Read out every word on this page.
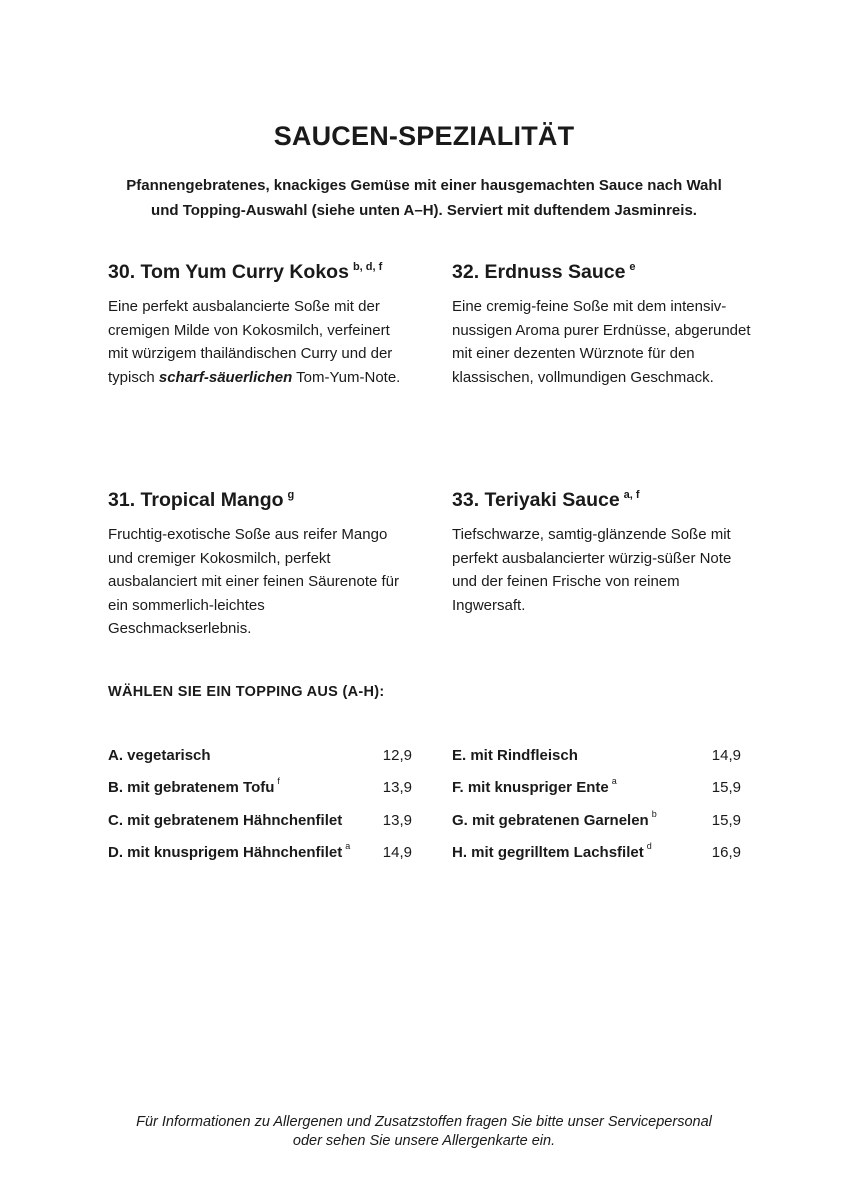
SAUCEN-SPEZIALITÄT

Pfannengebratenes, knackiges Gemüse mit einer hausgemachten Sauce nach Wahl
und Topping-Auswahl (siehe unten A–H). Serviert mit duftendem Jasminreis.

30. Tom Yum Curry Kokos $^{b, d, f}$

Eine perfekt ausbalancierte Soße mit der cremigen Milde von Kokosmilch, verfeinert mit würzigem thailändischen Curry und der typisch scharf-säuerlichen Tom-Yum-Note.

32. Erdnuss Sauce $^e$

Eine cremig-feine Soße mit dem intensiv-nussigen Aroma purer Erdnüsse, abgerundet mit einer dezenten Würznote für den klassischen, vollmundigen Geschmack.

31. Tropical Mango $^g$

Fruchtig-exotische Soße aus reifer Mango und cremiger Kokosmilch, perfekt ausbalanciert mit einer feinen Säurenote für ein sommerlich-leichtes Geschmackserlebnis.

33. Teriyaki Sauce $^{a, f}$

Tiefschwarze, samtig-glänzende Soße mit perfekt ausbalancierter würzig-süßer Note und der feinen Frische von reinem Ingwersaft.

WÄHLEN SIE EIN TOPPING AUS (A-H):
A. vegetarisch	12,9
B. mit gebratenem Tofu $^f$	13,9
C. mit gebratenem Hähnchenfilet	13,9
D. mit knusprigem Hähnchenfilet $^a$ 14,9
E. mit Rindfleisch	14,9
F. mit knuspriger Ente $^a$	15,9
G. mit gebratenen Garnelen $^b$	15,9
H. mit gegrilltem Lachsfilet $^d$	16,9

Für Informationen zu Allergenen und Zusatzstoffen fragen Sie bitte unser Servicepersonal
oder sehen Sie unsere Allergenkarte ein.
